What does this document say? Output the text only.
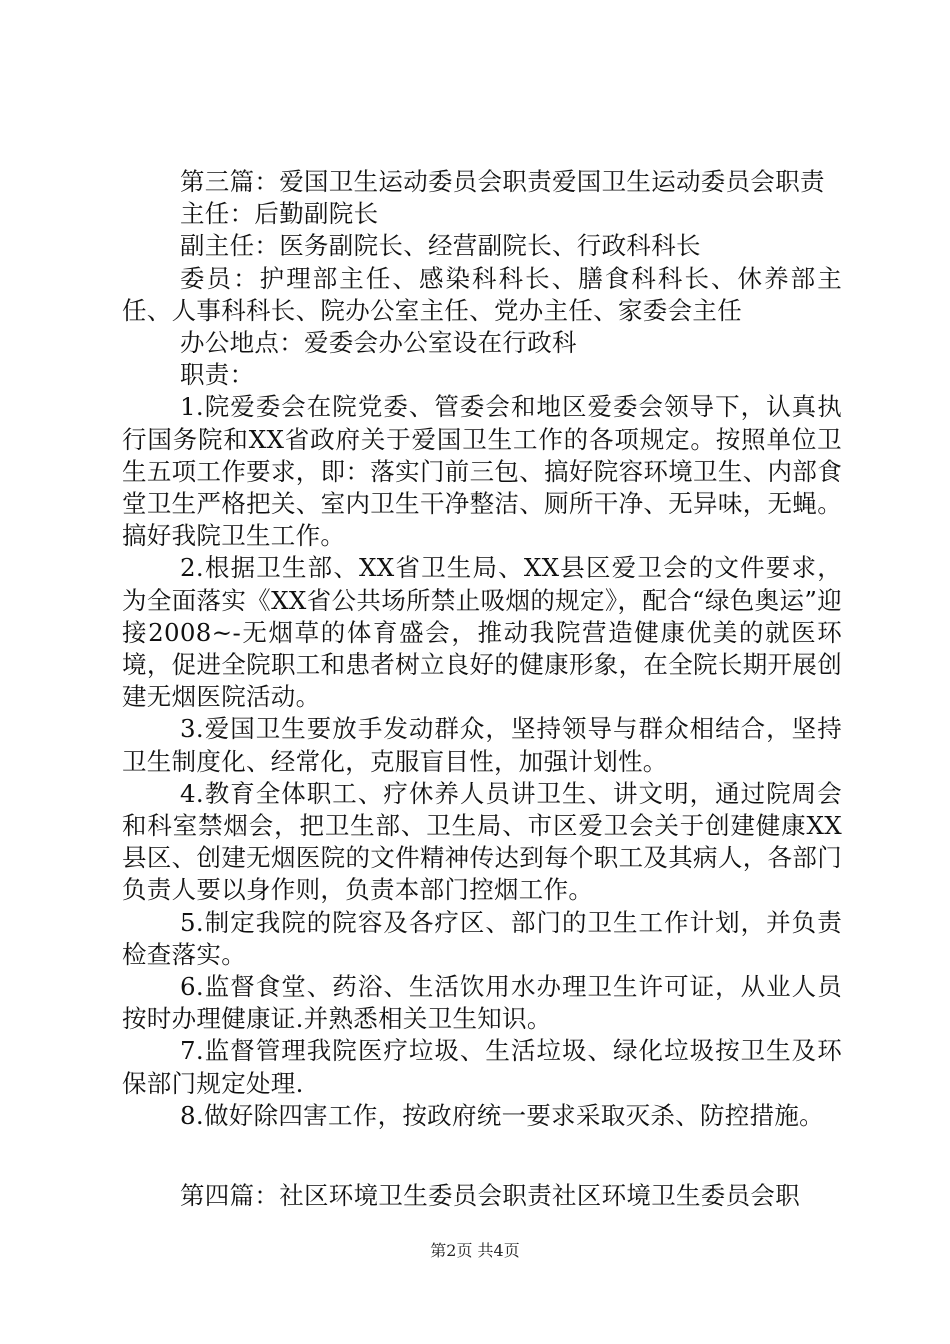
第三篇：爱国卫生运动委员会职责爱国卫生运动委员会职责

主任：后勤副院长

副主任：医务副院长、经营副院长、行政科科长

委员：护理部主任、感染科科长、膳食科科长、休养部主任、人事科科长、院办公室主任、党办主任、家委会主任

办公地点：爱委会办公室设在行政科

职责：

1.院爱委会在院党委、管委会和地区爱委会领导下，认真执行国务院和XX省政府关于爱国卫生工作的各项规定。按照单位卫生五项工作要求，即：落实门前三包、搞好院容环境卫生、内部食堂卫生严格把关、室内卫生干净整洁、厕所干净、无异味，无蝇。搞好我院卫生工作。

2.根据卫生部、XX省卫生局、XX县区爱卫会的文件要求，为全面落实《XX省公共场所禁止吸烟的规定》，配合“绿色奥运”迎接2008~-无烟草的体育盛会，推动我院营造健康优美的就医环境，促进全院职工和患者树立良好的健康形象，在全院长期开展创建无烟医院活动。

3.爱国卫生要放手发动群众，坚持领导与群众相结合，坚持卫生制度化、经常化，克服盲目性，加强计划性。

4.教育全体职工、疗休养人员讲卫生、讲文明，通过院周会和科室禁烟会，把卫生部、卫生局、市区爱卫会关于创建健康XX县区、创建无烟医院的文件精神传达到每个职工及其病人，各部门负责人要以身作则，负责本部门控烟工作。

5.制定我院的院容及各疗区、部门的卫生工作计划，并负责检查落实。

6.监督食堂、药浴、生活饮用水办理卫生许可证，从业人员按时办理健康证.并熟悉相关卫生知识。

7.监督管理我院医疗垃圾、生活垃圾、绿化垃圾按卫生及环保部门规定处理.

8.做好除四害工作，按政府统一要求采取灭杀、防控措施。

第四篇：社区环境卫生委员会职责社区环境卫生委员会职

第2页 共4页
